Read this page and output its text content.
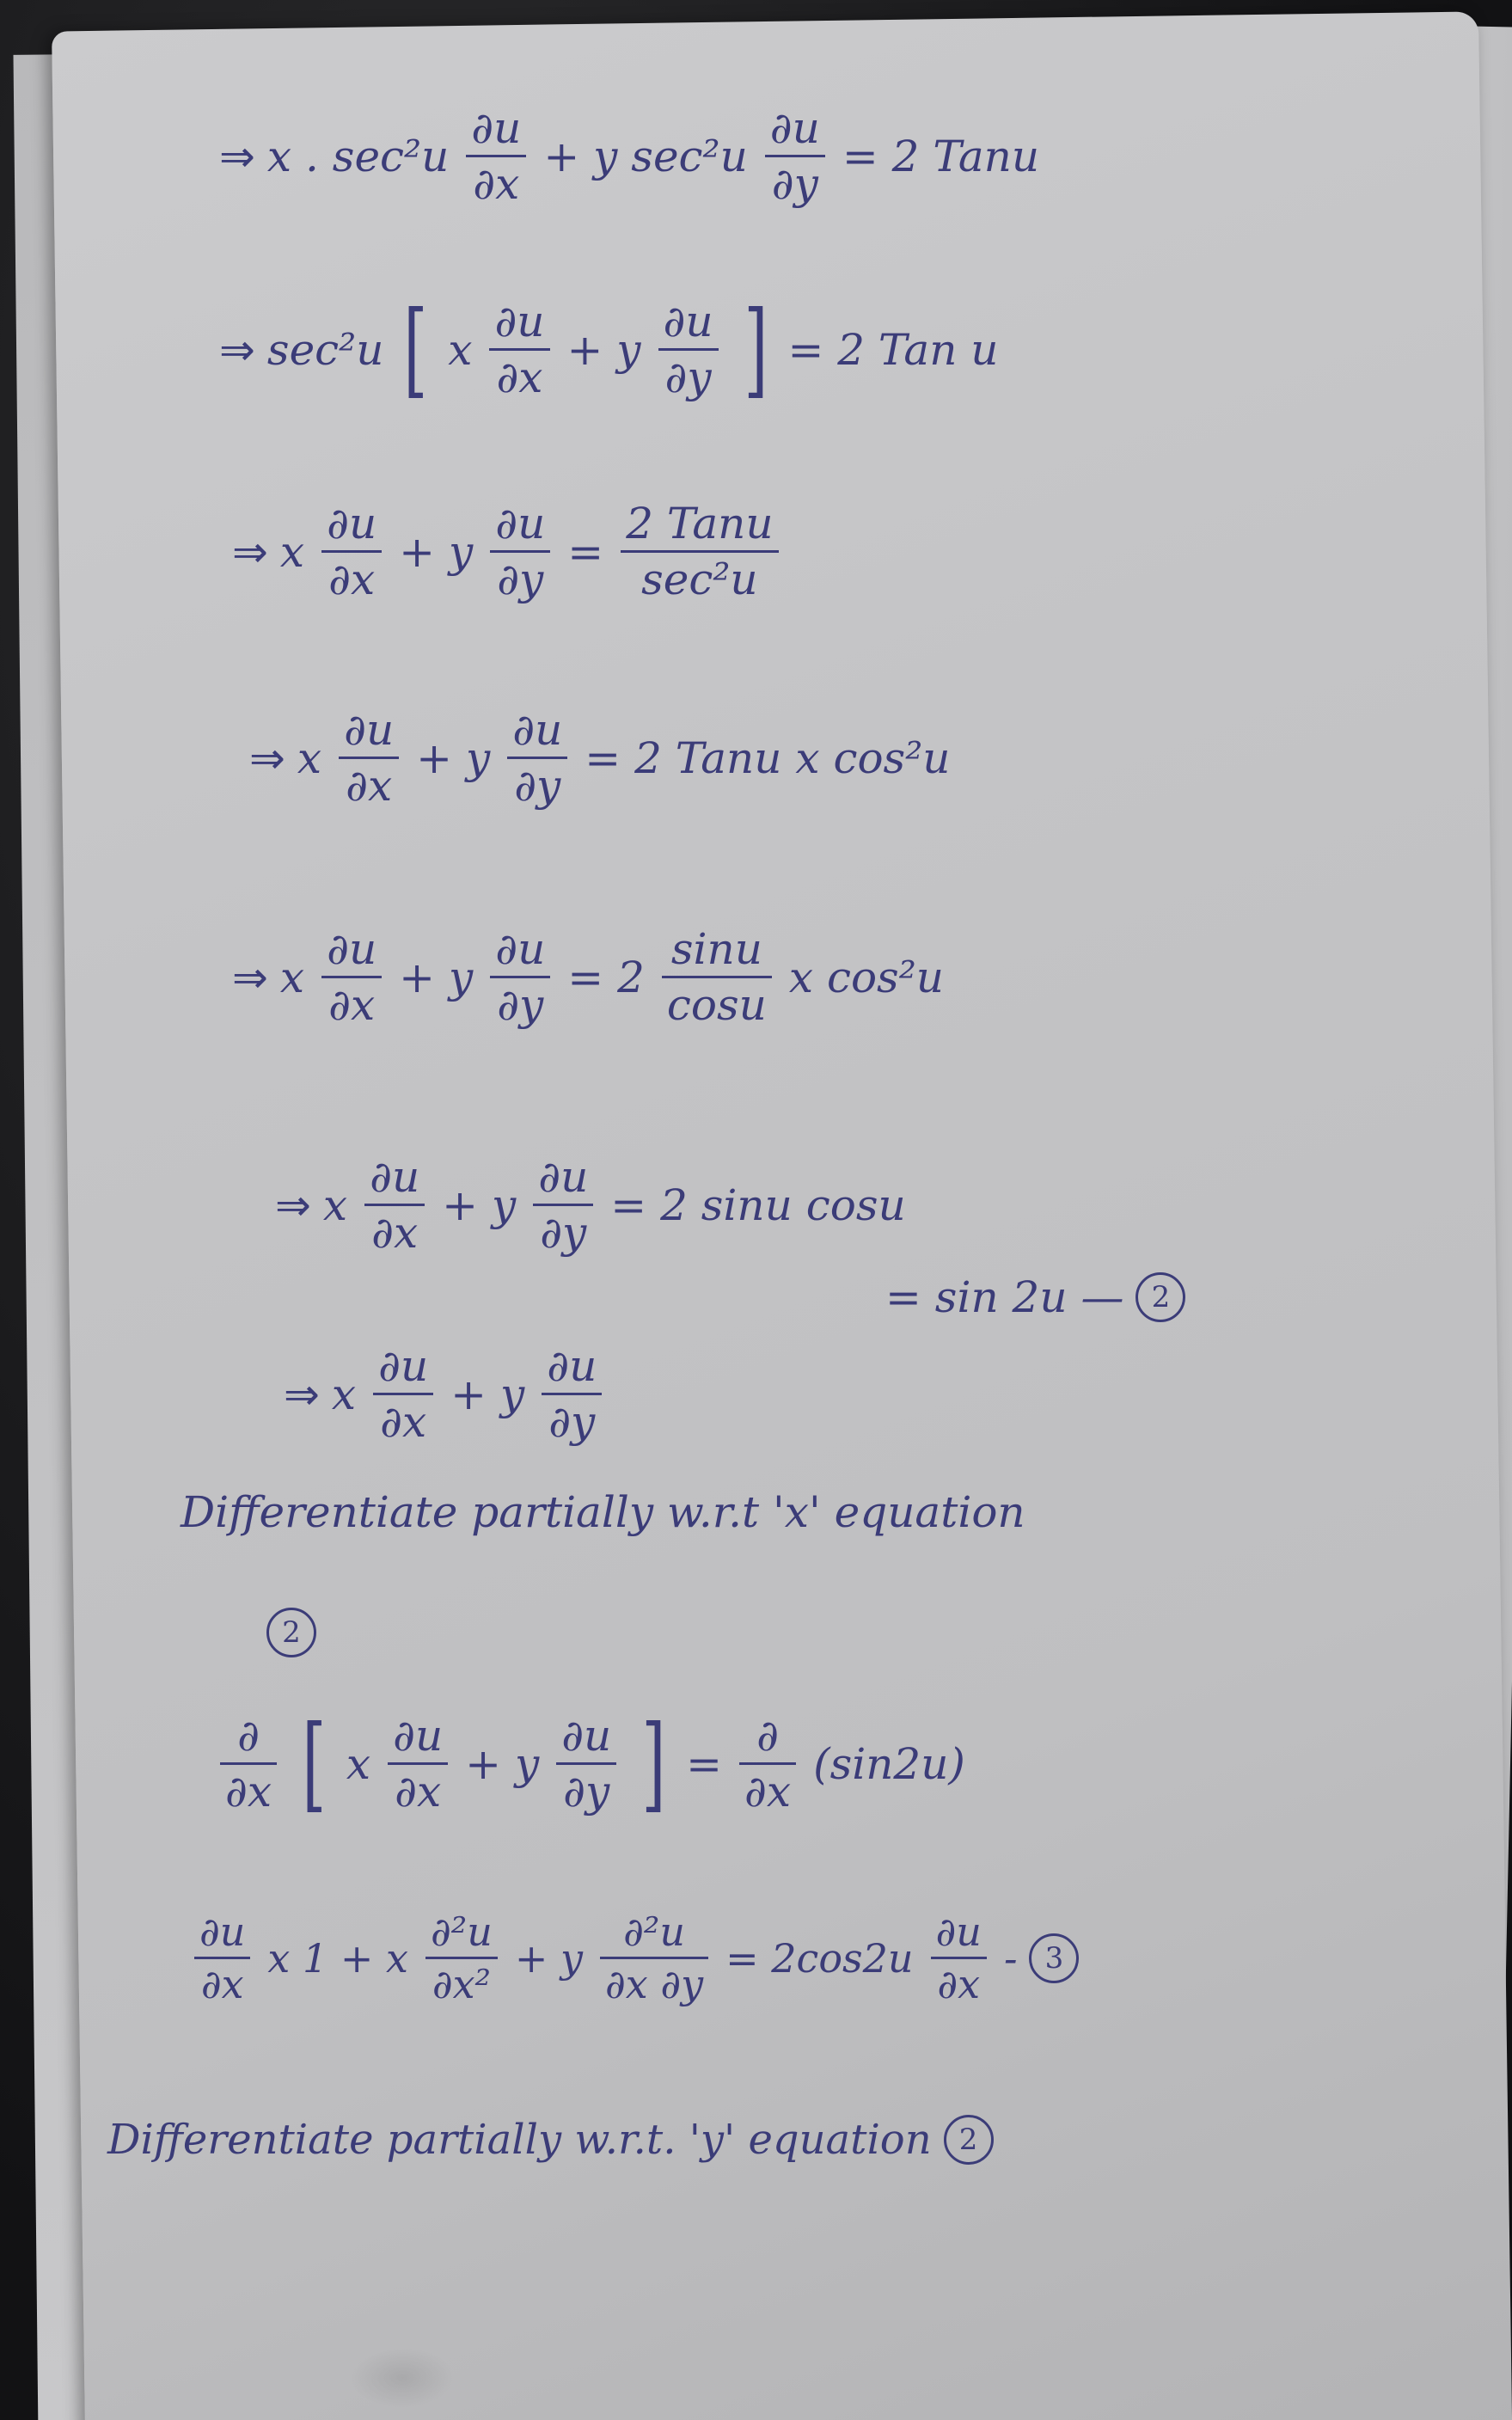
⇒ x . $\sec^2u \frac{\partial u}{\partial x} + y$ $\sec^2u \frac{\partial u}{\partial y} = 2$ Tanu
⇒ sec²u [ x $\frac{\partial u}{\partial x} + y \frac{\partial u}{\partial y}$ ] = 2 Tan u
⇒ x $\frac{\partial u}{\partial x} + y \frac{\partial u}{\partial y} = \frac{\text{2 Tanu}}{\text{sec²u}}$
⇒ x $\frac{\partial u}{\partial x} + y \frac{\partial u}{\partial y} = 2$ Tanu x cos²u
⇒ x $\frac{\partial u}{\partial x} + y \frac{\partial u}{\partial y} = 2 \frac{\sin u}{\cos u}$ x cos²u
⇒ x $\frac{\partial u}{\partial x} + y \frac{\partial u}{\partial y} = 2$ sinu cosu
= sin 2u — 2
⇒ x $\frac{\partial u}{\partial x} + y \frac{\partial u}{\partial y}$
Differentiate partially w.r.t 'x' equation
2
$\frac{\partial}{\partial x}$ [ x $\frac{\partial u}{\partial x} + y \frac{\partial u}{\partial y}$ ] = $\frac{\partial}{\partial x} (\sin 2u)$
$\frac{\partial u}{\partial x}$ x 1 + x $\frac{\text{∂²u}}{\text{∂x²}} + y \frac{\text{∂²u}}{\partial x \partial y} = 2\cos 2u \frac{\partial u}{\partial x} - 3$
Differentiate partially w.r.t. 'y' equation 2
